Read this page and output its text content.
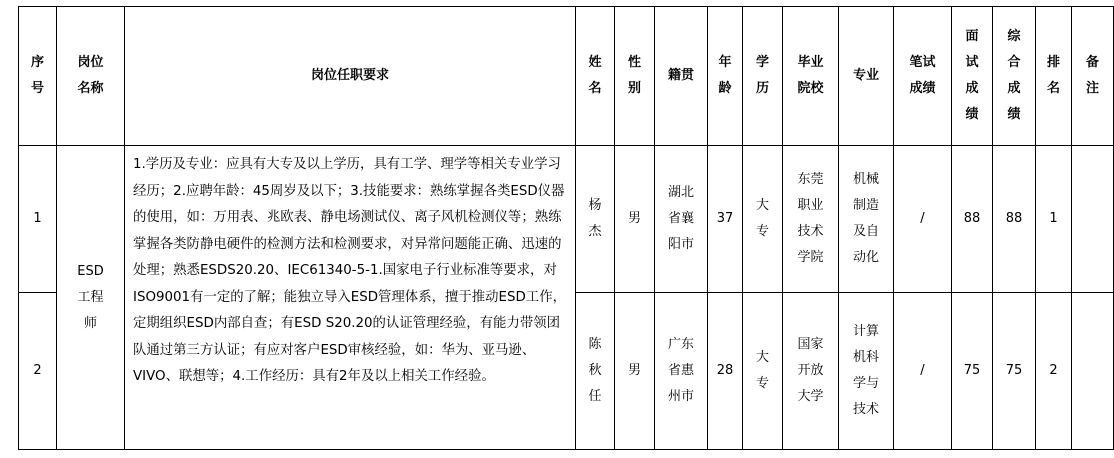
序号	岗位名称	岗位任职要求	姓名	性别	籍贯	年龄	学历	毕业院校	专业	笔试成绩	面试成绩	综合成绩	排名	备注
1	ESD工程师	1.学历及专业：应具有大专及以上学历，具有工学、理学等相关专业学习经历；2.应聘年龄：45周岁及以下；3.技能要求：熟练掌握各类ESD仪器的使用，如：万用表、兆欧表、静电场测试仪、离子风机检测仪等；熟练掌握各类防静电硬件的检测方法和检测要求，对异常问题能正确、迅速的处理；熟悉ESDS20.20、IEC61340-5-1.国家电子行业标准等要求，对ISO9001有一定的了解；能独立导入ESD管理体系，擅于推动ESD工作，定期组织ESD内部自查；有ESD S20.20的认证管理经验，有能力带领团队通过第三方认证；有应对客户ESD审核经验，如：华为、亚马逊、VIVO、联想等；4.工作经历：具有2年及以上相关工作经验。	杨杰	男	湖北省襄阳市	37	大专	东莞职业技术学院	机械制造及自动化	/	88	88	1	
2			陈秋任	男	广东省惠州市	28	大专	国家开放大学	计算机科学与技术	/	75	75	2	
